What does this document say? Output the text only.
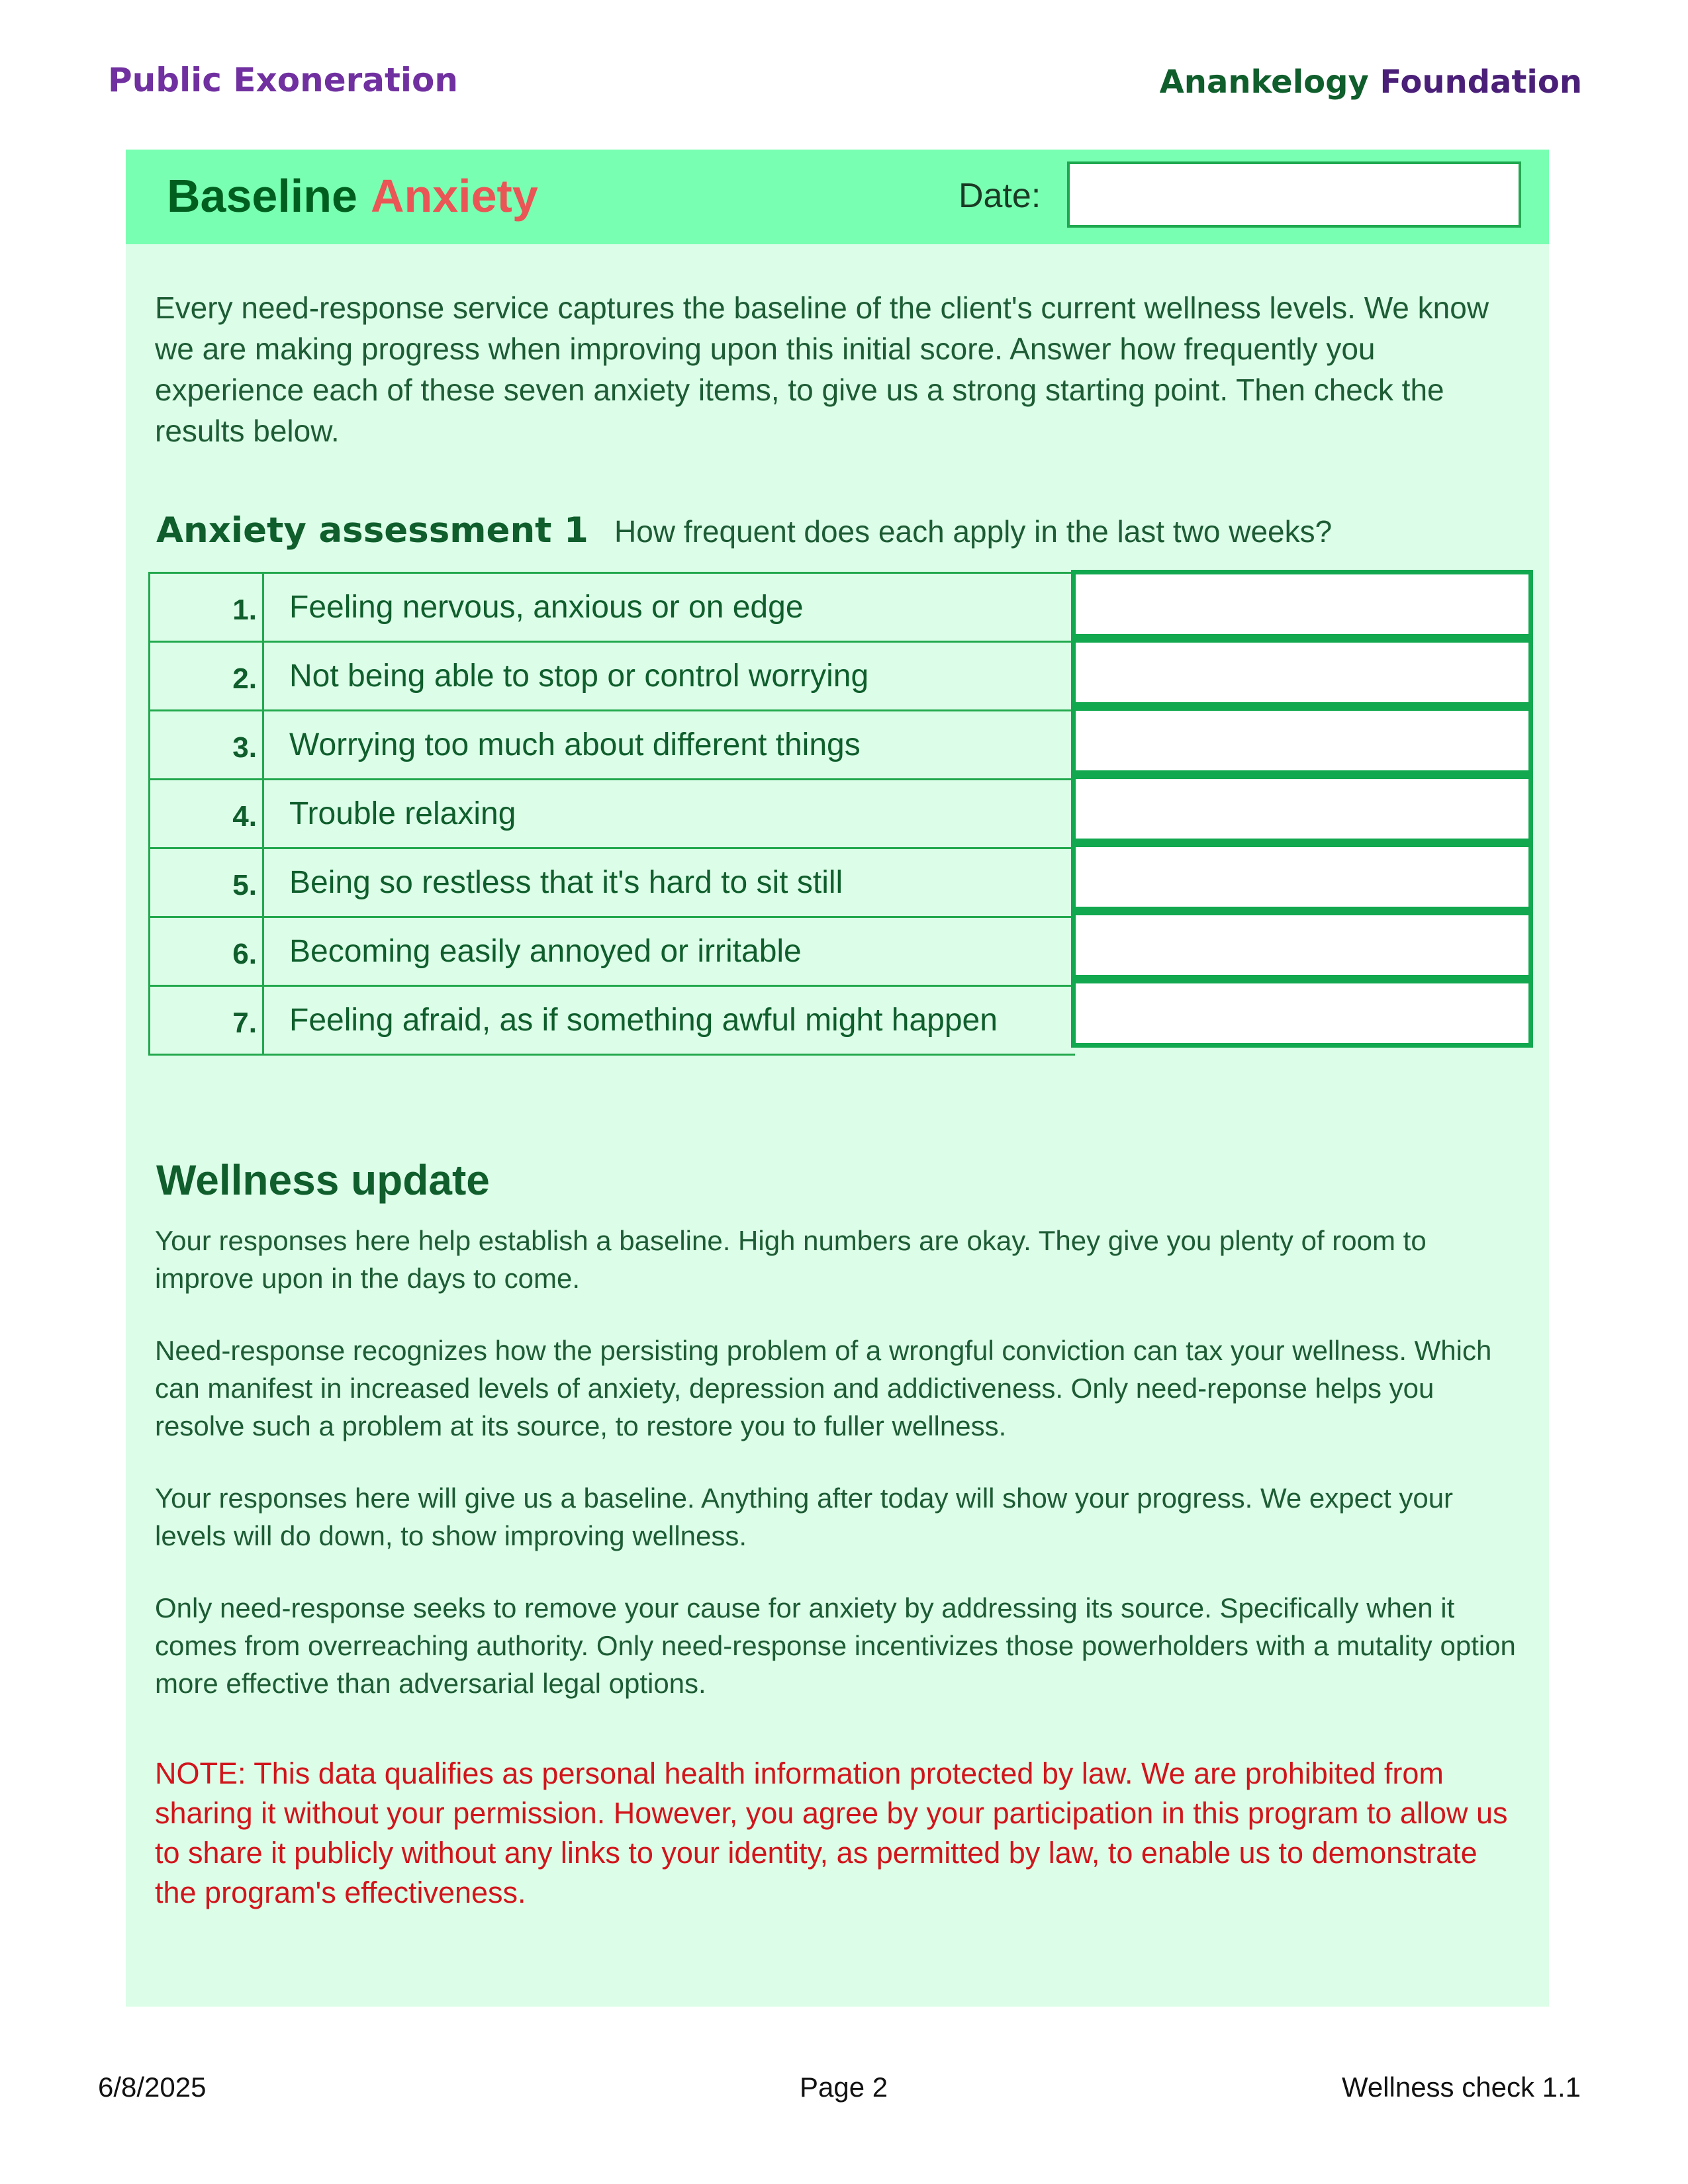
Public Exoneration	Anankelogy Foundation
Baseline Anxiety	Date:

Every need-response service captures the baseline of the client's current wellness levels. We know we are making progress when improving upon this initial score. Answer how frequently you experience each of these seven anxiety items, to give us a strong starting point. Then check the results below.

Anxiety assessment 1 How frequent does each apply in the last two weeks?
1.	Feeling nervous, anxious or on edge
2.	Not being able to stop or control worrying
3.	Worrying too much about different things
4.	Trouble relaxing
5.	Being so restless that it's hard to sit still
6.	Becoming easily annoyed or irritable
7.	Feeling afraid, as if something awful might happen
Wellness update

Your responses here help establish a baseline. High numbers are okay. They give you plenty of room to improve upon in the days to come.

Need-response recognizes how the persisting problem of a wrongful conviction can tax your wellness. Which can manifest in increased levels of anxiety, depression and addictiveness. Only need-reponse helps you resolve such a problem at its source, to restore you to fuller wellness.

Your responses here will give us a baseline. Anything after today will show your progress. We expect your levels will do down, to show improving wellness.

Only need-response seeks to remove your cause for anxiety by addressing its source. Specifically when it comes from overreaching authority. Only need-response incentivizes those powerholders with a mutality option more effective than adversarial legal options.

NOTE: This data qualifies as personal health information protected by law. We are prohibited from sharing it without your permission. However, you agree by your participation in this program to allow us to share it publicly without any links to your identity, as permitted by law, to enable us to demonstrate the program's effectiveness.

6/8/2025	Page 2	Wellness check 1.1
